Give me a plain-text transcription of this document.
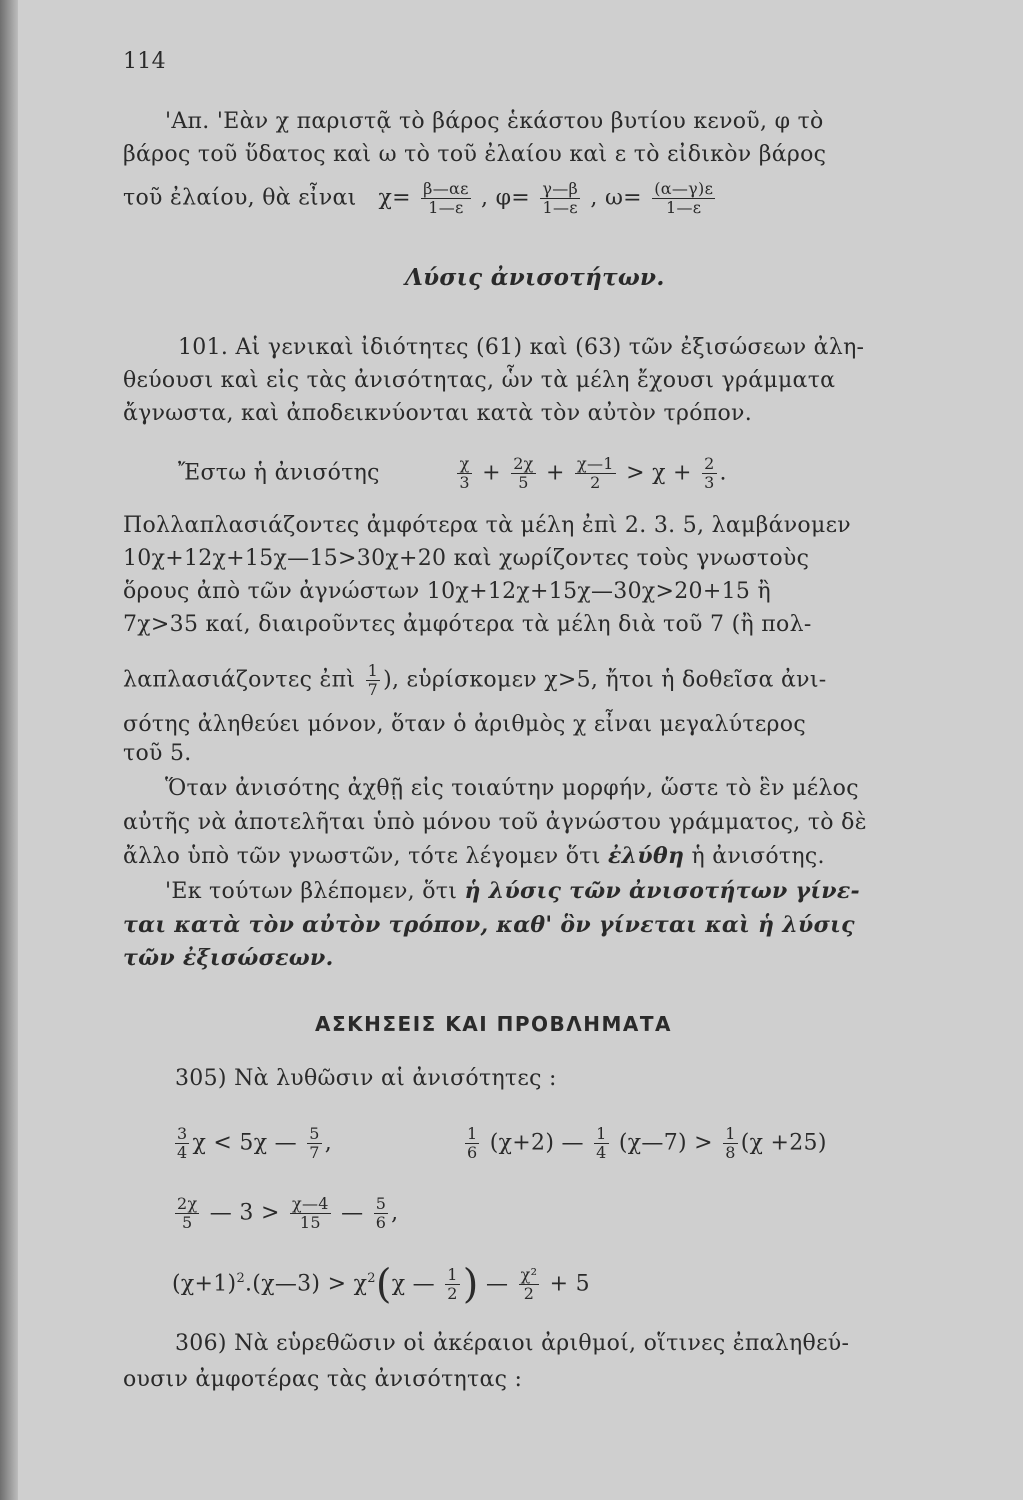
114
'Απ. 'Εὰν χ παριστᾷ τὸ βάρος ἑκάστου βυτίου κενοῦ, φ τὸ
βάρος τοῦ ὕδατος καὶ ω τὸ τοῦ ἐλαίου καὶ ε τὸ εἰδικὸν βάρος
τοῦ ἐλαίου, θὰ εἶναι $\chi= \frac{\beta—\alpha\varepsilon}{1—\varepsilon}$ , $\varphi= \frac{\gamma—\beta}{1—\varepsilon}$ , $\omega= \frac{(\alpha—\gamma)\varepsilon}{1—\varepsilon}$
Λύσις ἀνισοτήτων.
101. Αἱ γενικαὶ ἰδιότητες (61) καὶ (63) τῶν ἐξισώσεων ἀλη-
θεύουσι καὶ εἰς τὰς ἀνισότητας, ὧν τὰ μέλη ἔχουσι γράμματα
ἄγνωστα, καὶ ἀποδεικνύονται κατὰ τὸν αὐτὸν τρόπον.
Ἔστω ἡ ἀνισότης	$\frac{\chi}{3} + \frac{2\chi}{5} + \frac{\chi—1}{2} > \chi + \frac{2}{3}$ .
Πολλαπλασιάζοντες ἀμφότερα τὰ μέλη ἐπὶ 2. 3. 5, λαμβάνομεν
10χ+12χ+15χ—15>30χ+20 καὶ χωρίζοντες τοὺς γνωστοὺς
ὅρους ἀπὸ τῶν ἀγνώστων 10χ+12χ+15χ—30χ>20+15 ἢ
7χ>35 καί, διαιροῦντες ἀμφότερα τὰ μέλη διὰ τοῦ 7 (ἢ πολ-
λαπλασιάζοντες ἐπὶ $\frac{1}{7}$ ), εὑρίσκομεν χ>5, ἤτοι ἡ δοθεῖσα ἀνι-
σότης ἀληθεύει μόνον, ὅταν ὁ ἀριθμὸς χ εἶναι μεγαλύτερος
τοῦ 5.
Ὅταν ἀνισότης ἀχθῇ εἰς τοιαύτην μορφήν, ὥστε τὸ ἓν μέλος
αὐτῆς νὰ ἀποτελῆται ὑπὸ μόνου τοῦ ἀγνώστου γράμματος, τὸ δὲ
ἄλλο ὑπὸ τῶν γνωστῶν, τότε λέγομεν ὅτι ἐλύθη ἡ ἀνισότης.
'Εκ τούτων βλέπομεν, ὅτι ἡ λύσις τῶν ἀνισοτήτων γίνε-
ται κατὰ τὸν αὐτὸν τρόπον, καθ' ὃν γίνεται καὶ ἡ λύσις
τῶν ἐξισώσεων.
ΑΣΚΗΣΕΙΣ ΚΑΙ ΠΡΟΒΛΗΜΑΤΑ
305) Νὰ λυθῶσιν αἱ ἀνισότητες :
$\frac{3}{4}$ χ < 5χ — $\frac{5}{7}$ ,	$\frac{1}{6} (\chi+2)$ — $\frac{1}{4}$ (χ—7) > $\frac{1}{8} (\chi +25)$
$\frac{2\chi}{5}$ — $3 > \frac{\chi—4}{15}$ — $\frac{5}{6}$ ,
$(\chi+1)^2.(\chi—3) > \chi^2(\chi$ — $\frac{1}{2}$ ) — $\frac{\text{χ²}}{2} + 5$
306) Νὰ εὑρεθῶσιν οἱ ἀκέραιοι ἀριθμοί, οἵτινες ἐπαληθεύ-
ουσιν ἀμφοτέρας τὰς ἀνισότητας :
